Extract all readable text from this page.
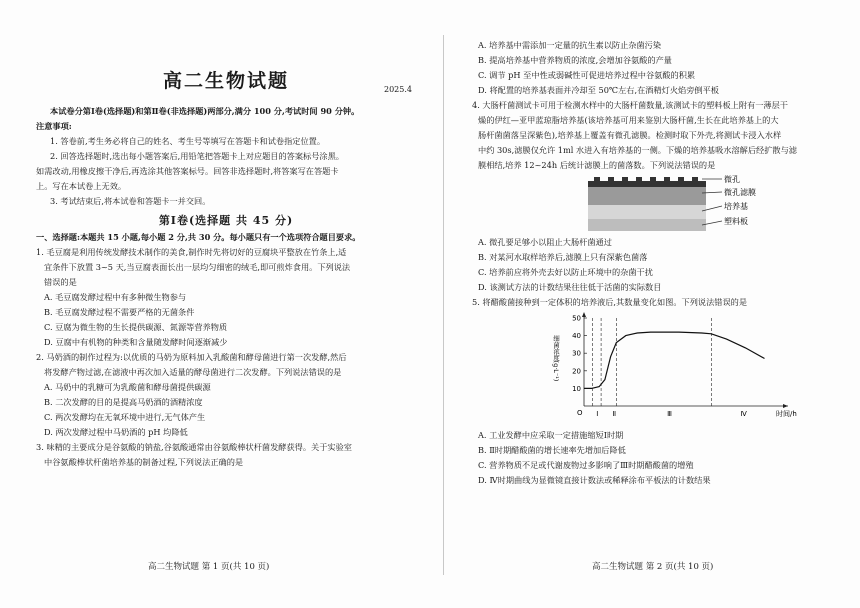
高二生物试题	2025.4
本试卷分第Ⅰ卷(选择题)和第Ⅱ卷(非选择题)两部分,满分 100 分,考试时间 90 分钟。
注意事项:
1. 答卷前,考生务必将自己的姓名、考生号等填写在答题卡和试卷指定位置。
2. 回答选择题时,选出每小题答案后,用铅笔把答题卡上对应题目的答案标号涂黑。
如需改动,用橡皮擦干净后,再选涂其他答案标号。回答非选择题时,将答案写在答题卡
上。写在本试卷上无效。
3. 考试结束后,将本试卷和答题卡一并交回。
第Ⅰ卷(选择题 共 45 分)
一、选择题:本题共 15 小题,每小题 2 分,共 30 分。每小题只有一个选项符合题目要求。
1. 毛豆腐是利用传统发酵技术制作的美食,制作时先将切好的豆腐块平整放在竹条上,适
宜条件下放置 3~5 天,当豆腐表面长出一层均匀细密的绒毛,即可煎炸食用。下列说法
错误的是
A. 毛豆腐发酵过程中有多种微生物参与
B. 毛豆腐发酵过程不需要严格的无菌条件
C. 豆腐为微生物的生长提供碳源、氮源等营养物质
D. 豆腐中有机物的种类和含量随发酵时间逐渐减少
2. 马奶酒的制作过程为:以优质的马奶为原料加入乳酸菌和酵母菌进行第一次发酵,然后
将发酵产物过滤,在滤液中再次加入适量的酵母菌进行二次发酵。下列说法错误的是
A. 马奶中的乳糖可为乳酸菌和酵母菌提供碳源
B. 二次发酵的目的是提高马奶酒的酒精浓度
C. 两次发酵均在无氧环境中进行,无气体产生
D. 两次发酵过程中马奶酒的 pH 均降低
3. 味精的主要成分是谷氨酸的钠盐,谷氨酸通常由谷氨酸棒状杆菌发酵获得。关于实验室
中谷氨酸棒状杆菌培养基的制备过程,下列说法正确的是
高二生物试题 第 1 页(共 10 页)
A. 培养基中需添加一定量的抗生素以防止杂菌污染
B. 提高培养基中营养物质的浓度,会增加谷氨酸的产量
C. 调节 pH 至中性或弱碱性可促进培养过程中谷氨酸的积累
D. 将配置的培养基表面并冷却至 50℃左右,在酒精灯火焰旁倒平板
4. 大肠杆菌测试卡可用于检测水样中的大肠杆菌数量,该测试卡的塑料板上附有一薄层干
燥的伊红—亚甲蓝琼脂培养基(该培养基可用来鉴别大肠杆菌,生长在此培养基上的大
肠杆菌菌落呈深紫色),培养基上覆盖有微孔滤膜。检测时取下外壳,将测试卡浸入水样
中约 30s,滤膜仅允许 1ml 水进入有培养基的一侧。下燥的培养基吸水溶解后经扩散与滤
膜相结,培养 12~24h 后统计滤膜上的菌落数。下列说法错误的是
微孔
微孔滤膜
培养基
塑料板
A. 微孔要足够小以阻止大肠杆菌通过
B. 对某河水取样培养后,滤膜上只有深紫色菌落
C. 培养前应将外壳去好以防止环境中的杂菌干扰
D. 该测试方法的计数结果往往低于活菌的实际数目
5. 将醋酸菌接种到一定体积的培养液后,其数量变化如图。下列说法错误的是
10
20
30
40
50
O
细菌浓度(g·L⁻¹)
Ⅰ Ⅱ	Ⅲ	Ⅳ	时间/h
A. 工业发酵中应采取一定措施缩短Ⅰ时期
B. Ⅱ时期醋酸菌的增长速率先增加后降低
C. 营养物质不足或代谢废物过多影响了Ⅲ时期醋酸菌的增殖
D. Ⅳ时期曲线为显微镜直接计数法或稀释涂布平板法的计数结果
高二生物试题 第 2 页(共 10 页)
